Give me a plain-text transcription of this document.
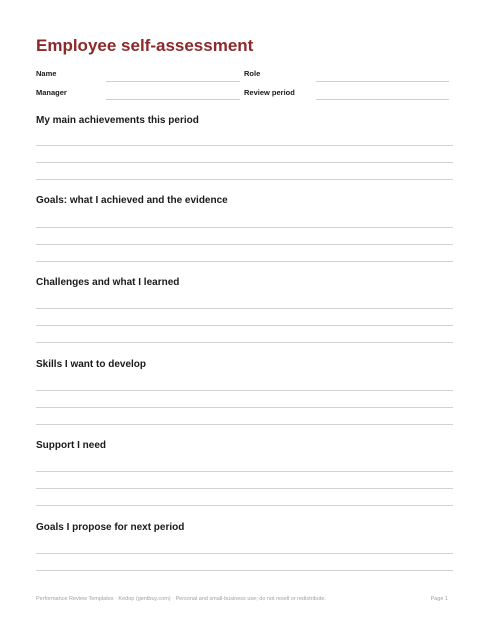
Employee self-assessment
Name	Role
Manager	Review period
My main achievements this period
Goals: what I achieved and the evidence
Challenges and what I learned
Skills I want to develop
Support I need
Goals I propose for next period
Performance Review Templates · Kedop (gentbuy.com) · Personal and small-business use; do not resell or redistribute.	Page 1
